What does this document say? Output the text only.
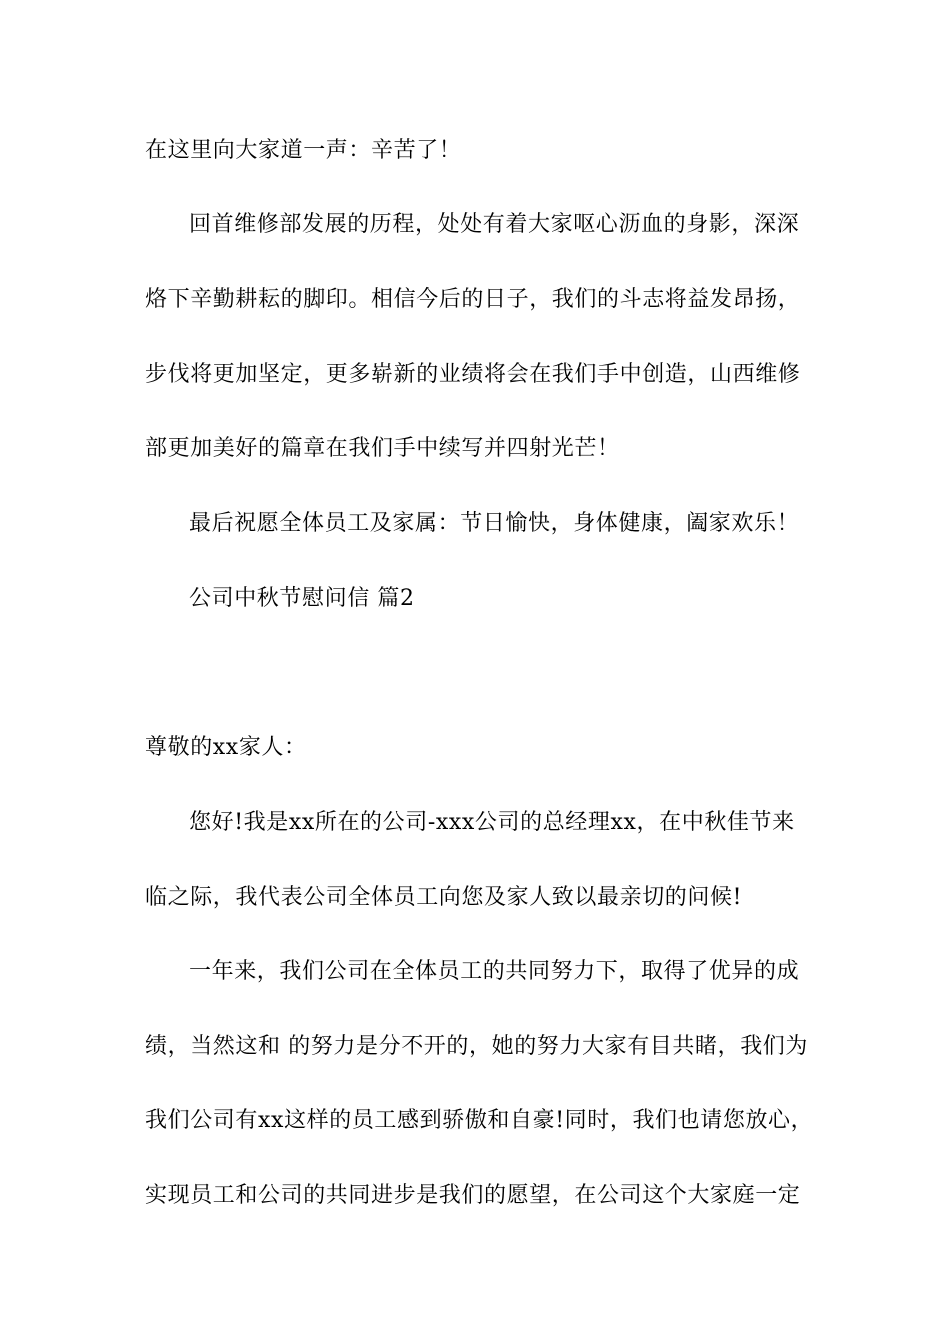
在这里向大家道一声：辛苦了！
回首维修部发展的历程，处处有着大家呕心沥血的身影，深深
烙下辛勤耕耘的脚印。相信今后的日子，我们的斗志将益发昂扬，
步伐将更加坚定，更多崭新的业绩将会在我们手中创造，山西维修
部更加美好的篇章在我们手中续写并四射光芒！
最后祝愿全体员工及家属：节日愉快，身体健康，阖家欢乐！
公司中秋节慰问信 篇2
尊敬的xx家人：
您好!我是xx所在的公司-xxx公司的总经理xx，在中秋佳节来
临之际，我代表公司全体员工向您及家人致以最亲切的问候!
一年来，我们公司在全体员工的共同努力下，取得了优异的成
绩，当然这和 的努力是分不开的，她的努力大家有目共睹，我们为
我们公司有xx这样的员工感到骄傲和自豪!同时，我们也请您放心，
实现员工和公司的共同进步是我们的愿望，在公司这个大家庭一定
